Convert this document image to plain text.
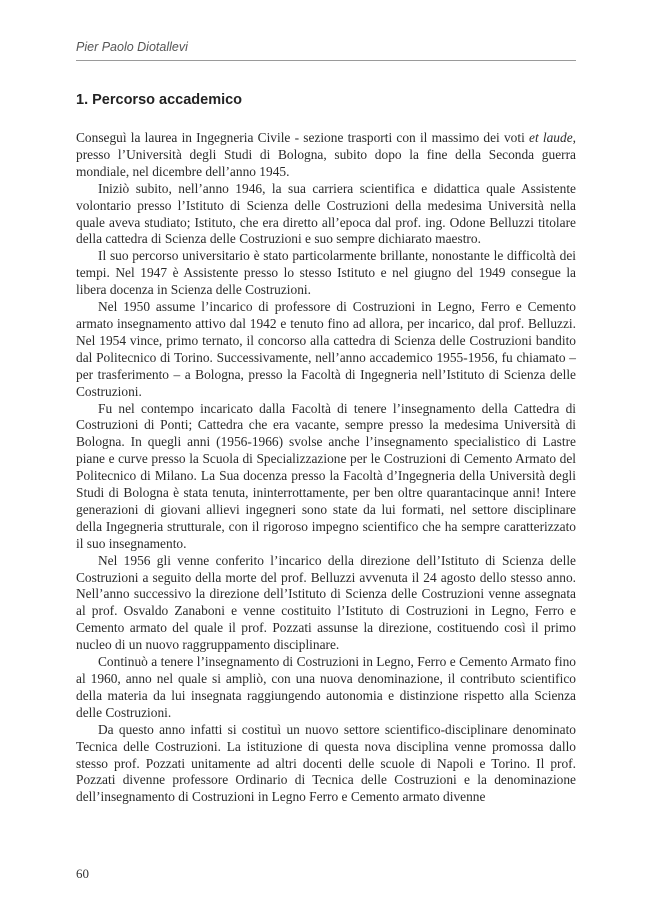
Pier Paolo Diotallevi
1. Percorso accademico

Conseguì la laurea in Ingegneria Civile - sezione trasporti con il massimo dei voti et laude, presso l’Università degli Studi di Bologna, subito dopo la fine della Seconda guerra mondiale, nel dicembre dell’anno 1945.

Iniziò subito, nell’anno 1946, la sua carriera scientifica e didattica quale Assistente volontario presso l’Istituto di Scienza delle Costruzioni della medesima Università nella quale aveva studiato; Istituto, che era diretto all’epoca dal prof. ing. Odone Belluzzi titolare della cattedra di Scienza delle Costruzioni e suo sempre dichiarato maestro.

Il suo percorso universitario è stato particolarmente brillante, nonostante le difficoltà dei tempi. Nel 1947 è Assistente presso lo stesso Istituto e nel giugno del 1949 consegue la libera docenza in Scienza delle Costruzioni.

Nel 1950 assume l’incarico di professore di Costruzioni in Legno, Ferro e Cemento armato insegnamento attivo dal 1942 e tenuto fino ad allora, per incarico, dal prof. Belluzzi. Nel 1954 vince, primo ternato, il concorso alla cattedra di Scienza delle Costruzioni bandito dal Politecnico di Torino. Successivamente, nell’anno accademico 1955-1956, fu chiamato – per trasferimento – a Bologna, presso la Facoltà di Ingegneria nell’Istituto di Scienza delle Costruzioni.

Fu nel contempo incaricato dalla Facoltà di tenere l’insegnamento della Cattedra di Costruzioni di Ponti; Cattedra che era vacante, sempre presso la medesima Università di Bologna. In quegli anni (1956-1966) svolse anche l’insegnamento specialistico di Lastre piane e curve presso la Scuola di Specializzazione per le Costruzioni di Cemento Armato del Politecnico di Milano. La Sua docenza presso la Facoltà d’Ingegneria della Università degli Studi di Bologna è stata tenuta, ininterrottamente, per ben oltre quarantacinque anni! Intere generazioni di giovani allievi ingegneri sono state da lui formati, nel settore disciplinare della Ingegneria strutturale, con il rigoroso impegno scientifico che ha sempre caratterizzato il suo insegnamento.

Nel 1956 gli venne conferito l’incarico della direzione dell’Istituto di Scienza delle Costruzioni a seguito della morte del prof. Belluzzi avvenuta il 24 agosto dello stesso anno. Nell’anno successivo la direzione dell’Istituto di Scienza delle Costruzioni venne assegnata al prof. Osvaldo Zanaboni e venne costituito l’Istituto di Costruzioni in Legno, Ferro e Cemento armato del quale il prof. Pozzati assunse la direzione, costituendo così il primo nucleo di un nuovo raggruppamento disciplinare.

Continuò a tenere l’insegnamento di Costruzioni in Legno, Ferro e Cemento Armato fino al 1960, anno nel quale si ampliò, con una nuova denominazione, il contributo scientifico della materia da lui insegnata raggiungendo autonomia e distinzione rispetto alla Scienza delle Costruzioni.

Da questo anno infatti si costituì un nuovo settore scientifico-disciplinare denominato Tecnica delle Costruzioni. La istituzione di questa nova disciplina venne promossa dallo stesso prof. Pozzati unitamente ad altri docenti delle scuole di Napoli e Torino. Il prof. Pozzati divenne professore Ordinario di Tecnica delle Costruzioni e la denominazione dell’insegnamento di Costruzioni in Legno Ferro e Cemento armato divenne

60
